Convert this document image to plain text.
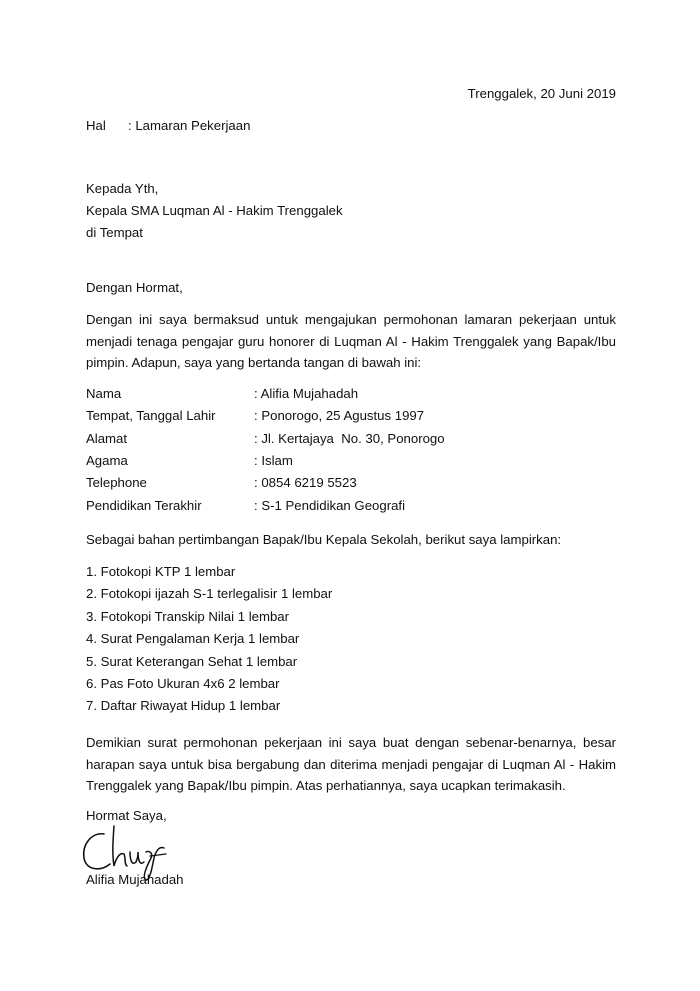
Trenggalek, 20 Juni 2019
Hal : Lamaran Pekerjaan
Kepada Yth,
Kepala SMA Luqman Al - Hakim Trenggalek
di Tempat
Dengan Hormat,

Dengan ini saya bermaksud untuk mengajukan permohonan lamaran pekerjaan untuk menjadi tenaga pengajar guru honorer di Luqman Al - Hakim Trenggalek yang Bapak/Ibu pimpin. Adapun, saya yang bertanda tangan di bawah ini:

Nama	: Alifia Mujahadah
Tempat, Tanggal Lahir	: Ponorogo, 25 Agustus 1997
Alamat	: Jl. Kertajaya  No. 30, Ponorogo
Agama	: Islam
Telephone	: 0854 6219 5523
Pendidikan Terakhir	: S-1 Pendidikan Geografi
Sebagai bahan pertimbangan Bapak/Ibu Kepala Sekolah, berikut saya lampirkan:
1. Fotokopi KTP 1 lembar
2. Fotokopi ijazah S-1 terlegalisir 1 lembar
3. Fotokopi Transkip Nilai 1 lembar
4. Surat Pengalaman Kerja 1 lembar
5. Surat Keterangan Sehat 1 lembar
6. Pas Foto Ukuran 4x6 2 lembar
7. Daftar Riwayat Hidup 1 lembar

Demikian surat permohonan pekerjaan ini saya buat dengan sebenar-benarnya, besar harapan saya untuk bisa bergabung dan diterima menjadi pengajar di Luqman Al - Hakim Trenggalek yang Bapak/Ibu pimpin. Atas perhatiannya, saya ucapkan terimakasih.

Hormat Saya,
Alifia Mujahadah
